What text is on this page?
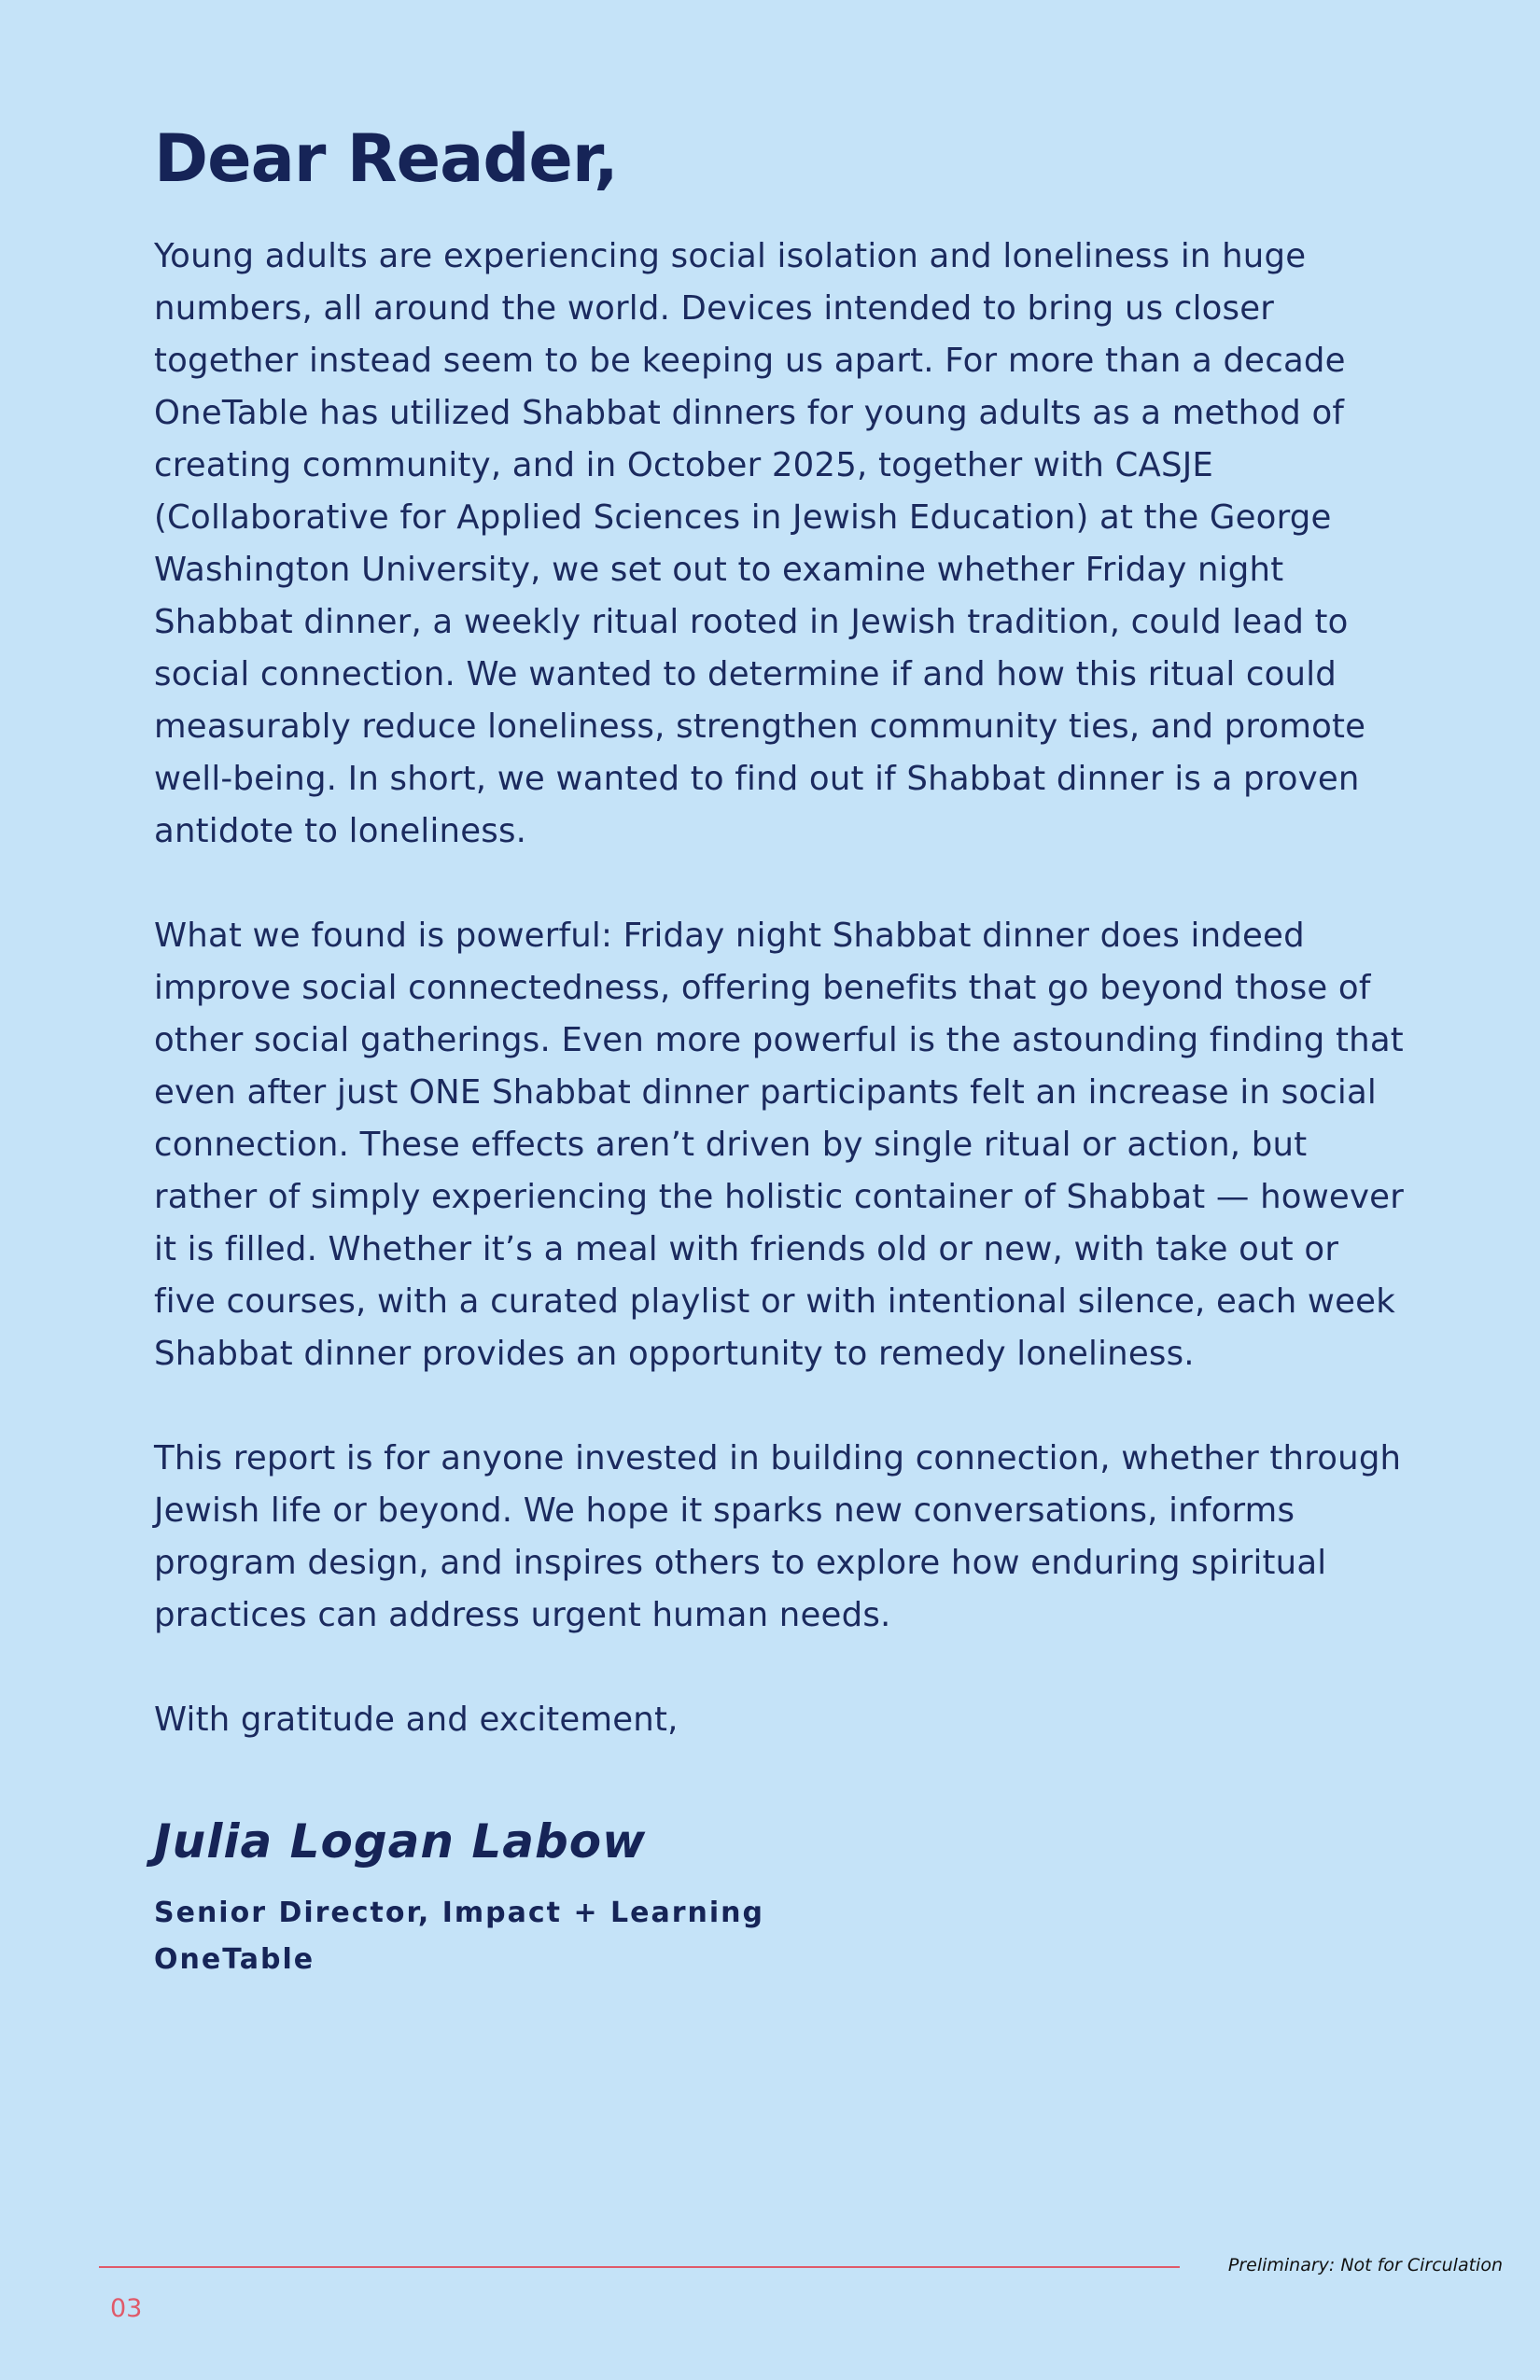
Dear Reader,

Young adults are experiencing social isolation and loneliness in huge numbers, all around the world. Devices intended to bring us closer together instead seem to be keeping us apart. For more than a decade OneTable has utilized Shabbat dinners for young adults as a method of creating community, and in October 2025, together with CASJE (Collaborative for Applied Sciences in Jewish Education) at the George Washington University, we set out to examine whether Friday night Shabbat dinner, a weekly ritual rooted in Jewish tradition, could lead to social connection. We wanted to determine if and how this ritual could measurably reduce loneliness, strengthen community ties, and promote well-being. In short, we wanted to find out if Shabbat dinner is a proven antidote to loneliness.

What we found is powerful: Friday night Shabbat dinner does indeed improve social connectedness, offering benefits that go beyond those of other social gatherings. Even more powerful is the astounding finding that even after just ONE Shabbat dinner participants felt an increase in social connection. These effects aren’t driven by single ritual or action, but rather of simply experiencing the holistic container of Shabbat — however it is filled. Whether it’s a meal with friends old or new, with take out or five courses, with a curated playlist or with intentional silence, each week Shabbat dinner provides an opportunity to remedy loneliness.

This report is for anyone invested in building connection, whether through Jewish life or beyond. We hope it sparks new conversations, informs program design, and inspires others to explore how enduring spiritual practices can address urgent human needs.

With gratitude and excitement,

Julia Logan Labow
Senior Director, Impact + Learning
OneTable
Preliminary: Not for Circulation
03
